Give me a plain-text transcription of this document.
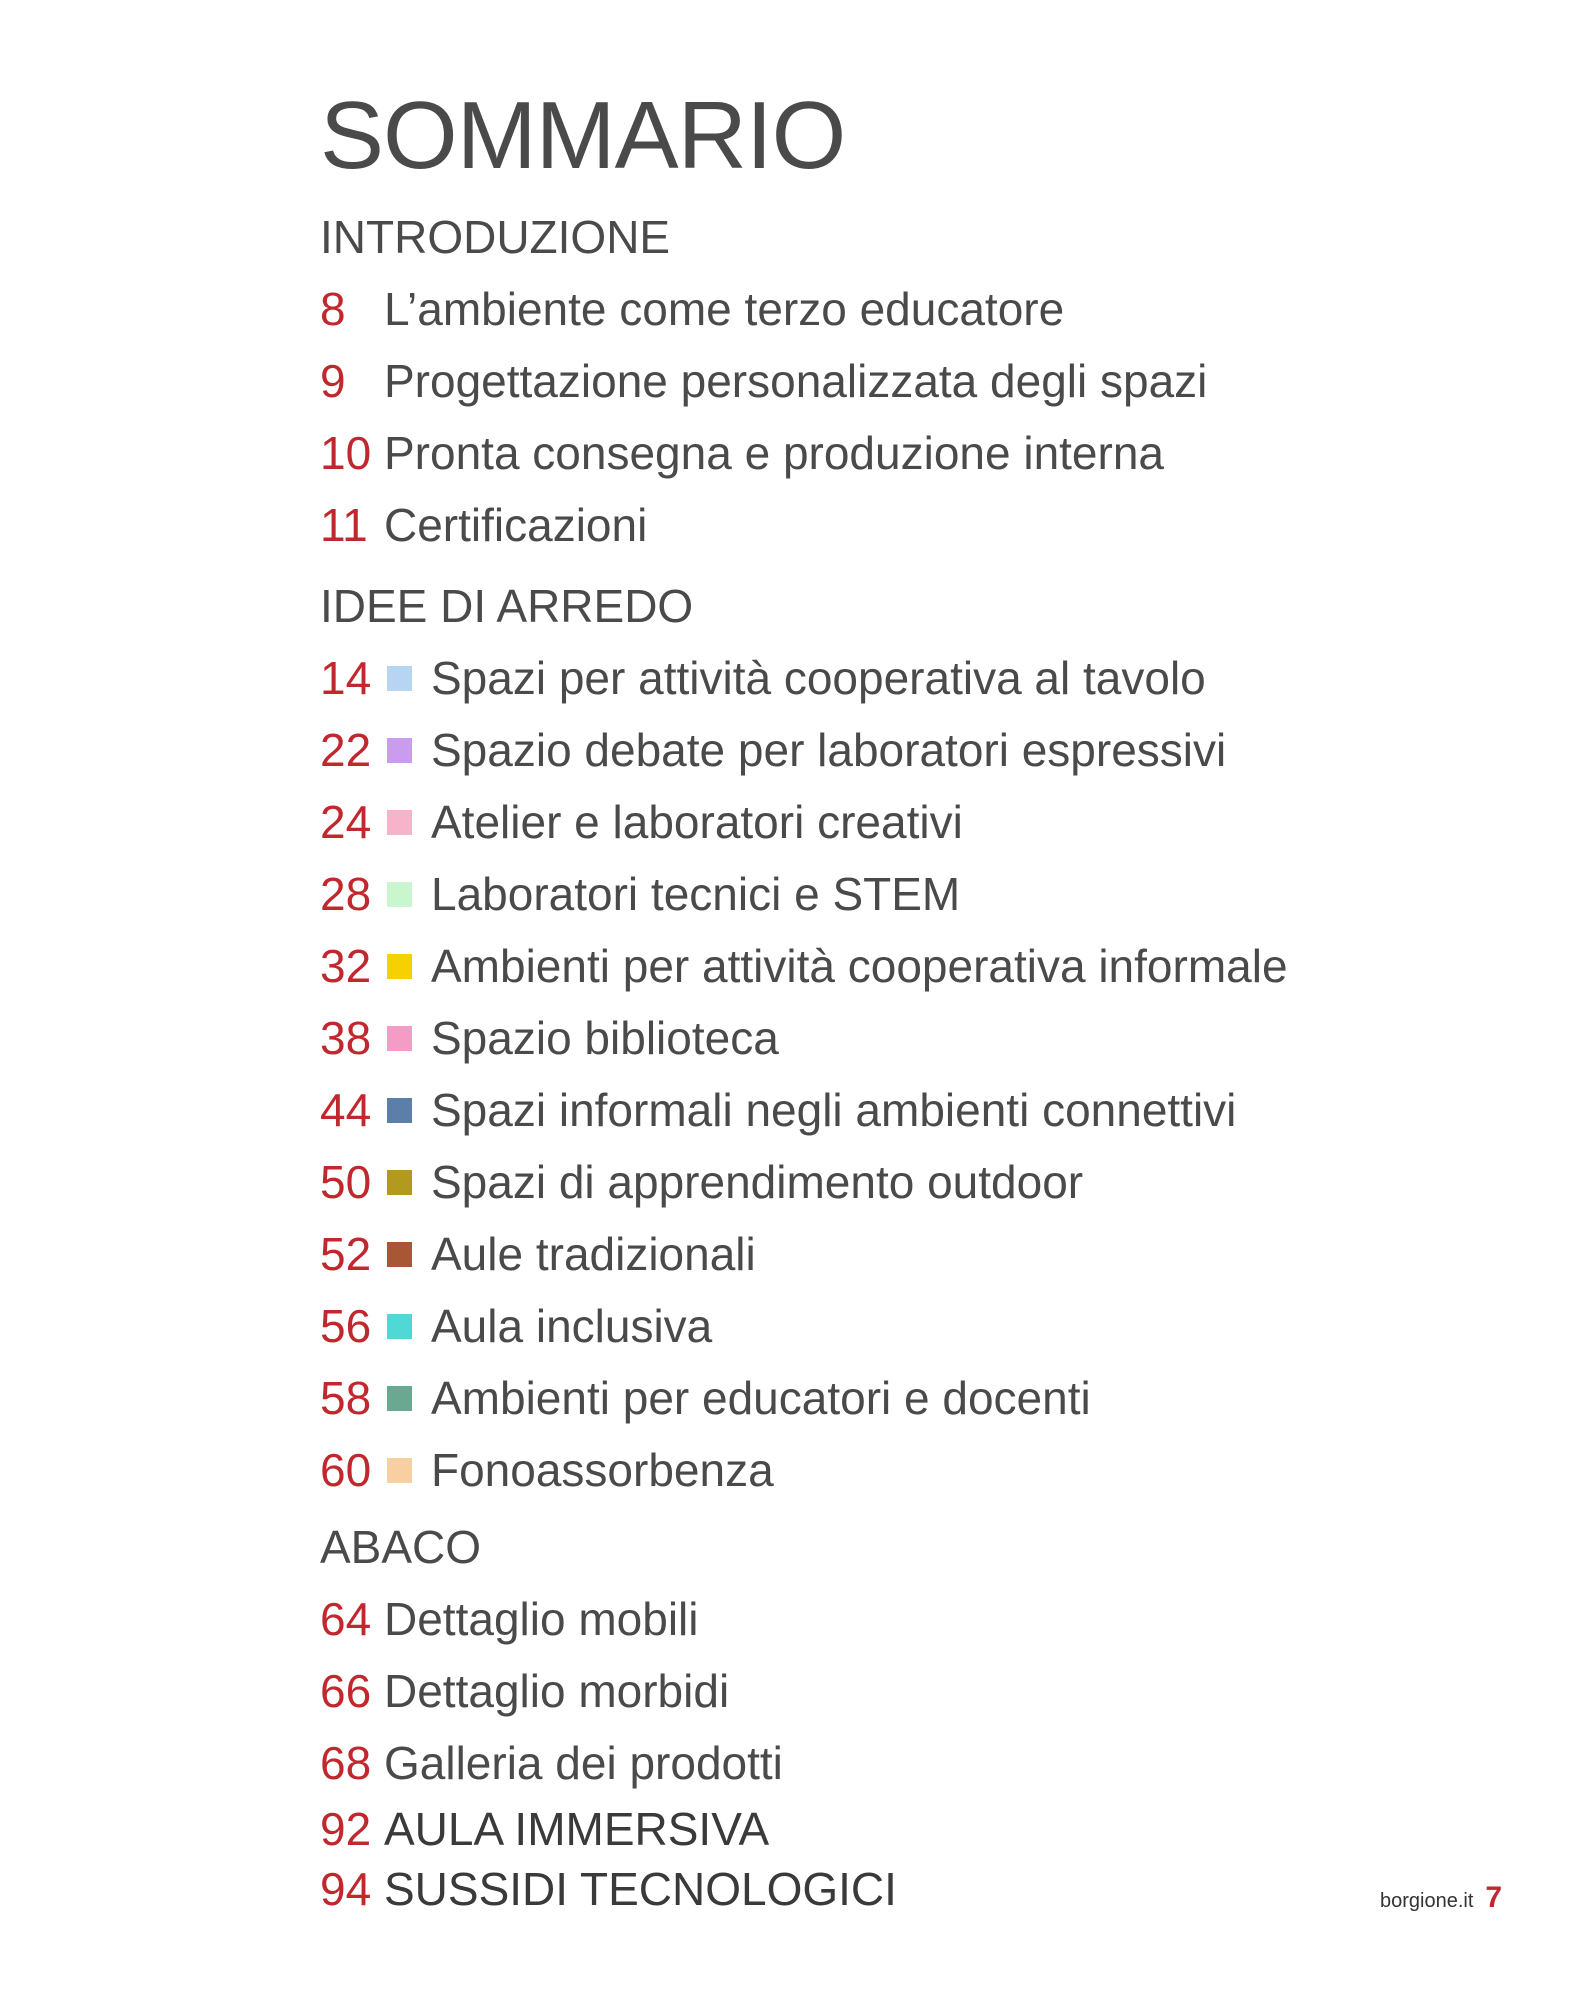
SOMMARIO
INTRODUZIONE
8 L’ambiente come terzo educatore
9 Progettazione personalizzata degli spazi
10 Pronta consegna e produzione interna
11 Certificazioni
IDEE DI ARREDO
14 Spazi per attività cooperativa al tavolo
22 Spazio debate per laboratori espressivi
24 Atelier e laboratori creativi
28 Laboratori tecnici e STEM
32 Ambienti per attività cooperativa informale
38 Spazio biblioteca
44 Spazi informali negli ambienti connettivi
50 Spazi di apprendimento outdoor
52 Aule tradizionali
56 Aula inclusiva
58 Ambienti per educatori e docenti
60 Fonoassorbenza
ABACO
64 Dettaglio mobili
66 Dettaglio morbidi
68 Galleria dei prodotti
92 AULA IMMERSIVA
94 SUSSIDI TECNOLOGICI	borgione.it 7
